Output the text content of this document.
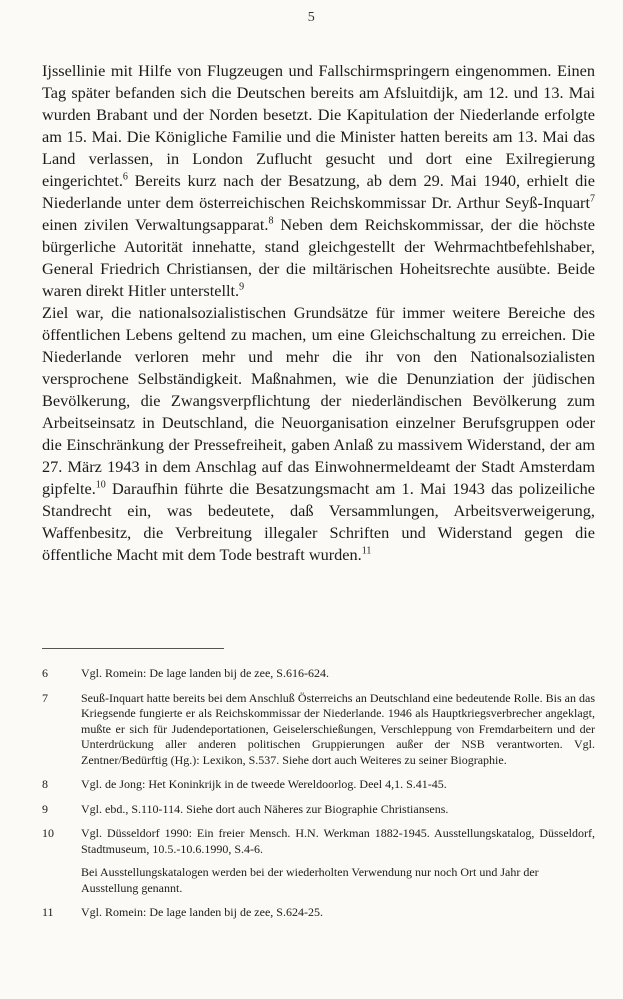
5

Ijssellinie mit Hilfe von Flugzeugen und Fallschirmspringern eingenommen. Einen Tag später befanden sich die Deutschen bereits am Afsluitdijk, am 12. und 13. Mai wurden Brabant und der Norden besetzt. Die Kapitulation der Niederlande erfolgte am 15. Mai. Die Königliche Familie und die Minister hatten bereits am 13. Mai das Land verlassen, in London Zuflucht gesucht und dort eine Exilregierung eingerichtet.$^6$ Bereits kurz nach der Besatzung, ab dem 29. Mai 1940, erhielt die Niederlande unter dem österreichischen Reichskommissar Dr. Arthur Seyß-Inquart$^7$ einen zivilen Verwaltungsapparat.$^8$ Neben dem Reichskommissar, der die höchste bürgerliche Autorität innehatte, stand gleichgestellt der Wehrmachtbefehlshaber, General Friedrich Christiansen, der die miltärischen Hoheitsrechte ausübte. Beide waren direkt Hitler unterstellt.$^9$

Ziel war, die nationalsozialistischen Grundsätze für immer weitere Bereiche des öffentlichen Lebens geltend zu machen, um eine Gleichschaltung zu erreichen. Die Niederlande verloren mehr und mehr die ihr von den Nationalsozialisten versprochene Selbständigkeit. Maßnahmen, wie die Denunziation der jüdischen Bevölkerung, die Zwangsverpflichtung der niederländischen Bevölkerung zum Arbeitseinsatz in Deutschland, die Neuorganisation einzelner Berufsgruppen oder die Einschränkung der Pressefreiheit, gaben Anlaß zu massivem Widerstand, der am 27. März 1943 in dem Anschlag auf das Einwohnermeldeamt der Stadt Amsterdam gipfelte.$^{10}$ Daraufhin führte die Besatzungsmacht am 1. Mai 1943 das polizeiliche Standrecht ein, was bedeutete, daß Versammlungen, Arbeitsverweigerung, Waffenbesitz, die Verbreitung illegaler Schriften und Widerstand gegen die öffentliche Macht mit dem Tode bestraft wurden.$^{11}$

6	Vgl. Romein: De lage landen bij de zee, S.616-624.

7	Seuß-Inquart hatte bereits bei dem Anschluß Österreichs an Deutschland eine bedeutende Rolle. Bis an das Kriegsende fungierte er als Reichskommissar der Niederlande. 1946 als Hauptkriegsverbrecher angeklagt, mußte er sich für Judendeportationen, Geiselerschießungen, Verschleppung von Fremdarbeitern und der Unterdrückung aller anderen politischen Gruppierungen außer der NSB verantworten. Vgl. Zentner/Bedürftig (Hg.): Lexikon, S.537. Siehe dort auch Weiteres zu seiner Biographie.

8	Vgl. de Jong: Het Koninkrijk in de tweede Wereldoorlog. Deel 4,1. S.41-45.

9	Vgl. ebd., S.110-114. Siehe dort auch Näheres zur Biographie Christiansens.

10	Vgl. Düsseldorf 1990: Ein freier Mensch. H.N. Werkman 1882-1945. Ausstellungskatalog, Düsseldorf, Stadtmuseum, 10.5.-10.6.1990, S.4-6.

Bei Ausstellungskatalogen werden bei der wiederholten Verwendung nur noch Ort und Jahr der Ausstellung genannt.

11	Vgl. Romein: De lage landen bij de zee, S.624-25.
